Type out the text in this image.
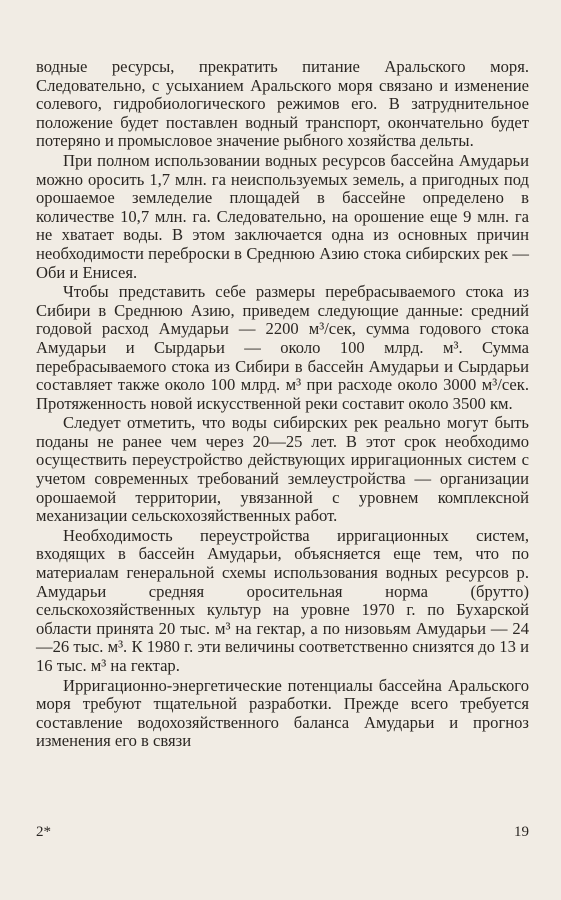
водные ресурсы, прекратить питание Аральского моря. Следовательно, с усыханием Аральского моря связано и изменение солевого, гидробиологического режимов его. В затруднительное положение будет поставлен водный транспорт, окончательно будет потеряно и промысловое значение рыбного хозяйства дельты.

При полном использовании водных ресурсов бассейна Амударьи можно оросить 1,7 млн. га неиспользуемых земель, а пригодных под орошаемое земледелие площадей в бассейне определено в количестве 10,7 млн. га. Следовательно, на орошение еще 9 млн. га не хватает воды. В этом заключается одна из основных причин необходимости переброски в Среднюю Азию стока сибирских рек — Оби и Енисея.

Чтобы представить себе размеры перебрасываемого стока из Сибири в Среднюю Азию, приведем следующие данные: средний годовой расход Амударьи — 2200 м³/сек, сумма годового стока Амударьи и Сырдарьи — около 100 млрд. м³. Сумма перебрасываемого стока из Сибири в бассейн Амударьи и Сырдарьи составляет также около 100 млрд. м³ при расходе около 3000 м³/сек. Протяженность новой искусственной реки составит около 3500 км.

Следует отметить, что воды сибирских рек реально могут быть поданы не ранее чем через 20—25 лет. В этот срок необходимо осуществить переустройство действующих ирригационных систем с учетом современных требований землеустройства — организации орошаемой территории, увязанной с уровнем комплексной механизации сельскохозяйственных работ.

Необходимость переустройства ирригационных систем, входящих в бассейн Амударьи, объясняется еще тем, что по материалам генеральной схемы использования водных ресурсов р. Амударьи средняя оросительная норма (брутто) сельскохозяйственных культур на уровне 1970 г. по Бухарской области принята 20 тыс. м³ на гектар, а по низовьям Амударьи — 24—26 тыс. м³. К 1980 г. эти величины соответственно снизятся до 13 и 16 тыс. м³ на гектар.

Ирригационно-энергетические потенциалы бассейна Аральского моря требуют тщательной разработки. Прежде всего требуется составление водохозяйственного баланса Амударьи и прогноз изменения его в связи

2*	19
